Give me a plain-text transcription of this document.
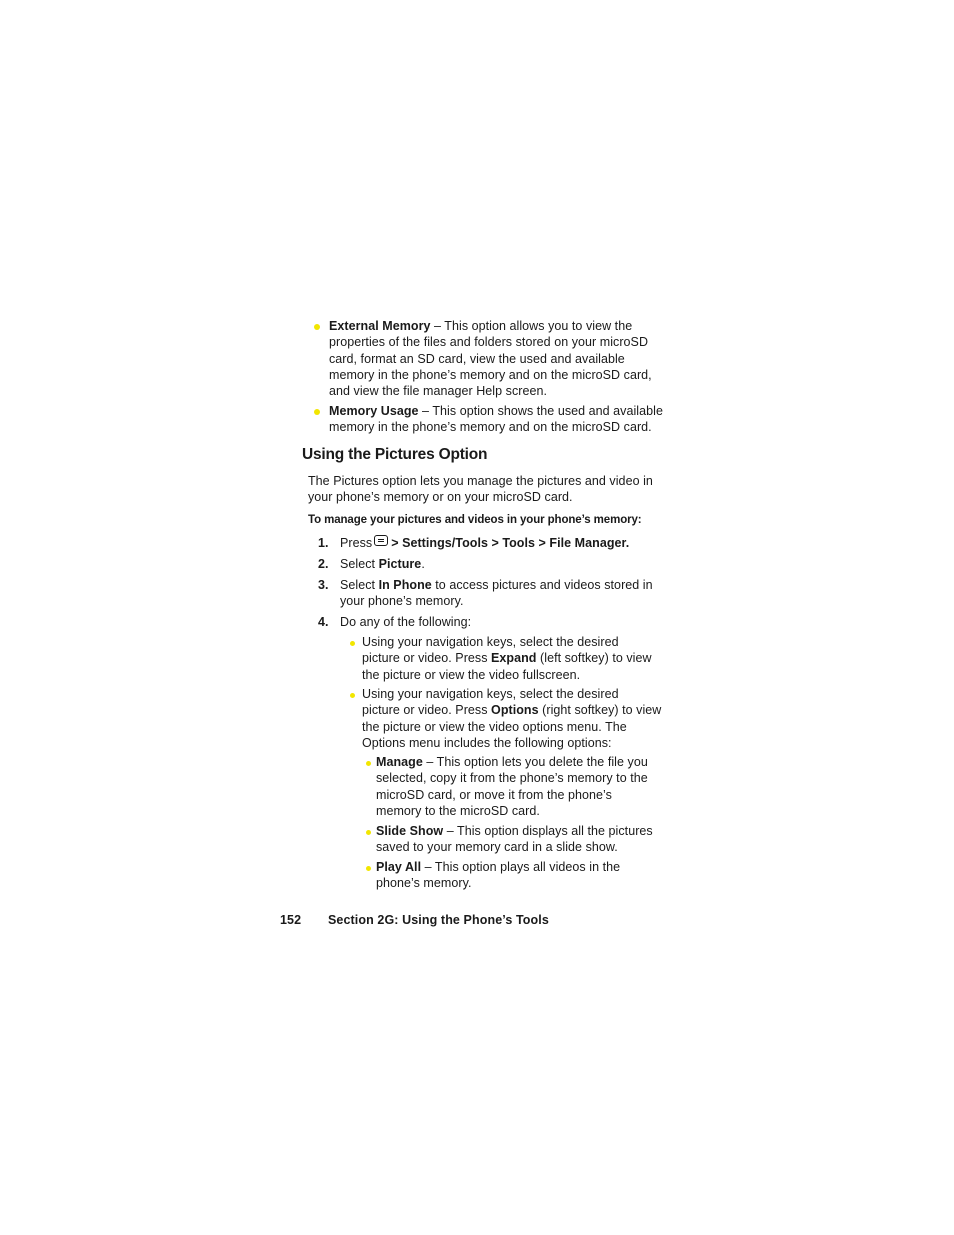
External Memory – This option allows you to view the
properties of the files and folders stored on your microSD
card, format an SD card, view the used and available
memory in the phone’s memory and on the microSD card,
and view the file manager Help screen.
Memory Usage – This option shows the used and available
memory in the phone’s memory and on the microSD card.
Using the Pictures Option
The Pictures option lets you manage the pictures and video in
your phone’s memory or on your microSD card.
To manage your pictures and videos in your phone’s memory:
1. Press > Settings/Tools > Tools > File Manager.
2. Select Picture.
3. Select In Phone to access pictures and videos stored in
your phone’s memory.
4. Do any of the following:
Using your navigation keys, select the desired
picture or video. Press Expand (left softkey) to view
the picture or view the video fullscreen.
Using your navigation keys, select the desired
picture or video. Press Options (right softkey) to view
the picture or view the video options menu. The
Options menu includes the following options:
Manage – This option lets you delete the file you
selected, copy it from the phone’s memory to the
microSD card, or move it from the phone’s
memory to the microSD card.
Slide Show – This option displays all the pictures
saved to your memory card in a slide show.
Play All – This option plays all videos in the
phone’s memory.
152 Section 2G: Using the Phone’s Tools
